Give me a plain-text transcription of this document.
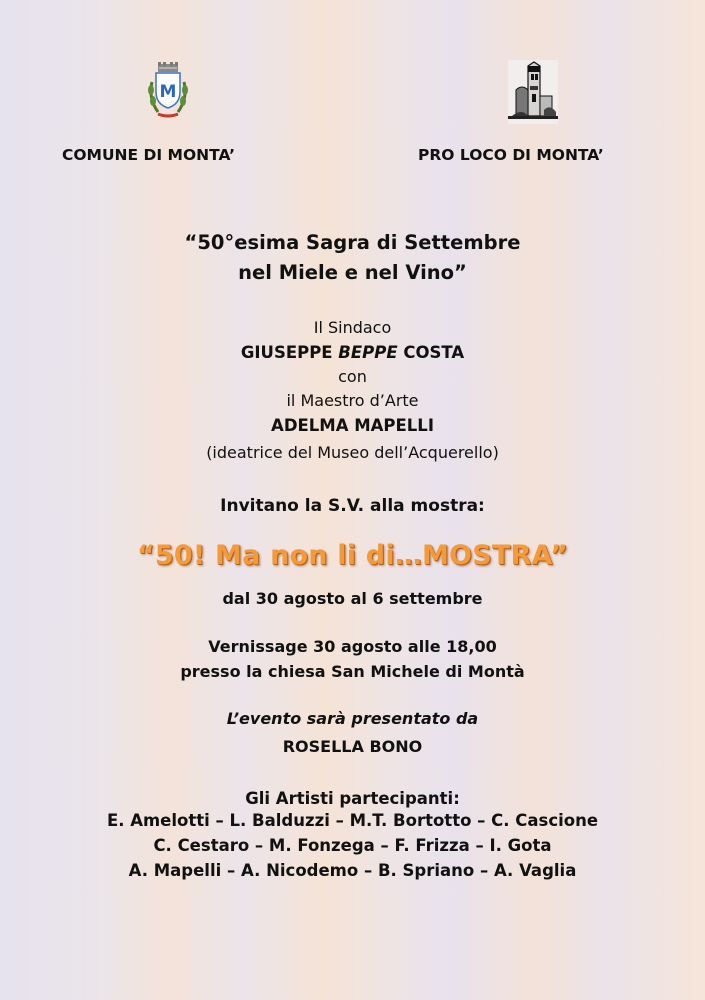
M
COMUNE DI MONTA’	PRO LOCO DI MONTA’
“50°esima Sagra di Settembre
nel Miele e nel Vino”
Il Sindaco
GIUSEPPE BEPPE COSTA
con
il Maestro d’Arte
ADELMA MAPELLI
(ideatrice del Museo dell’Acquerello)
Invitano la S.V. alla mostra:
“50! Ma non li di…MOSTRA”
dal 30 agosto al 6 settembre
Vernissage 30 agosto alle 18,00
presso la chiesa San Michele di Montà
L’evento sarà presentato da
ROSELLA BONO
Gli Artisti partecipanti:
E. Amelotti – L. Balduzzi – M.T. Bortotto – C. Cascione
C. Cestaro – M. Fonzega – F. Frizza – I. Gota
A. Mapelli – A. Nicodemo – B. Spriano – A. Vaglia
